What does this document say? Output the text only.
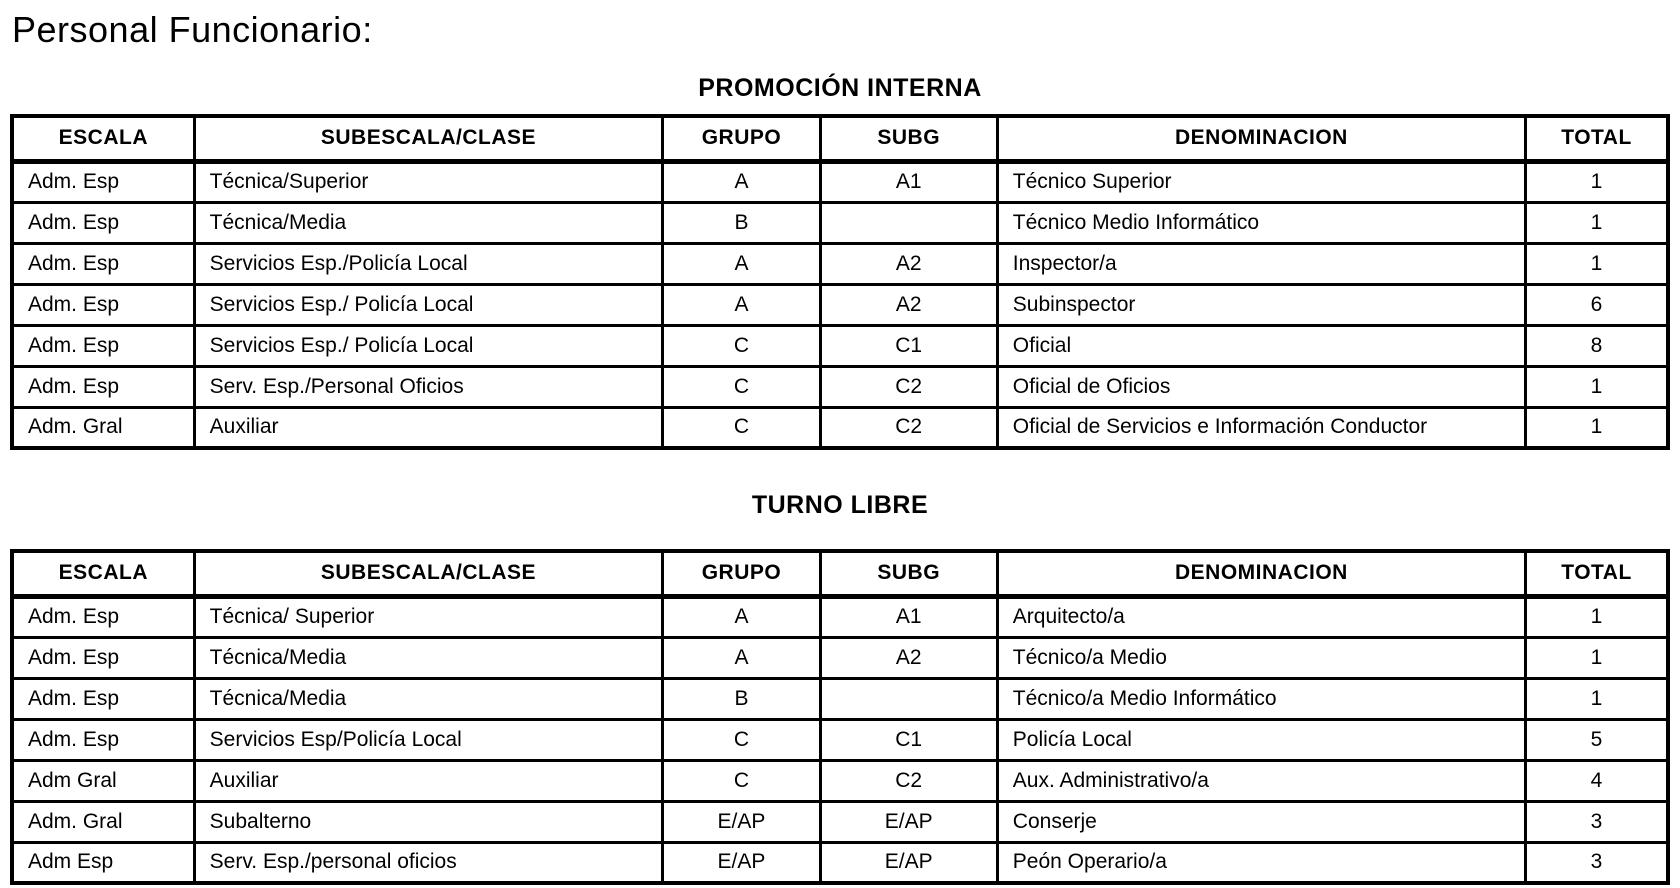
Personal Funcionario:
PROMOCIÓN INTERNA
ESCALA	SUBESCALA/CLASE	GRUPO	SUBG	DENOMINACION	TOTAL
Adm. Esp	Técnica/Superior	A	A1	Técnico Superior	1
Adm. Esp	Técnica/Media	B		Técnico Medio Informático	1
Adm. Esp	Servicios Esp./Policía Local	A	A2	Inspector/a	1
Adm. Esp	Servicios Esp./ Policía Local	A	A2	Subinspector	6
Adm. Esp	Servicios Esp./ Policía Local	C	C1	Oficial	8
Adm. Esp	Serv. Esp./Personal Oficios	C	C2	Oficial de Oficios	1
Adm. Gral	Auxiliar	C	C2	Oficial de Servicios e Información Conductor	1
TURNO LIBRE
ESCALA	SUBESCALA/CLASE	GRUPO	SUBG	DENOMINACION	TOTAL
Adm. Esp	Técnica/ Superior	A	A1	Arquitecto/a	1
Adm. Esp	Técnica/Media	A	A2	Técnico/a Medio	1
Adm. Esp	Técnica/Media	B		Técnico/a Medio Informático	1
Adm. Esp	Servicios Esp/Policía Local	C	C1	Policía Local	5
Adm Gral	Auxiliar	C	C2	Aux. Administrativo/a	4
Adm. Gral	Subalterno	E/AP	E/AP	Conserje	3
Adm Esp	Serv. Esp./personal oficios	E/AP	E/AP	Peón Operario/a	3
